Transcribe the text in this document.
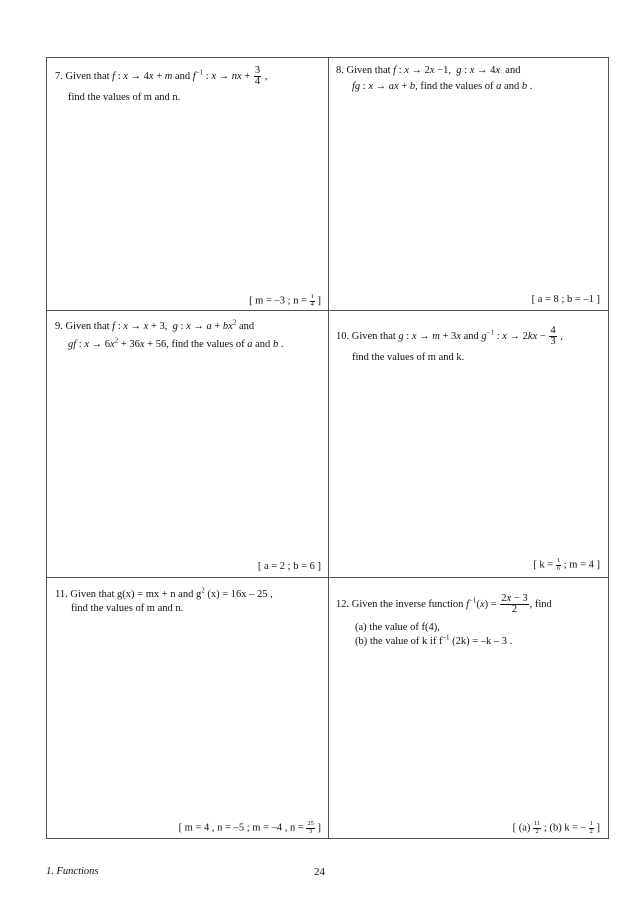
7. Given that f : x → 4x + m and $f^{-1}$ : x → nx + $\frac{3}{4}$ ,
find the values of m and n.
[ m = –3 ; $n = \frac{1}{4}$ ]
8. Given that f : x → 2x −1,  g : x → 4x  and
fg : x → ax + b, find the values of a and b .
[ a = 8 ; b = –1 ]
9. Given that f : x → x + 3,  g : $x \to a + bx^2$ and
gf : $x \to 6x^2 + 36x + 56$, find the values of a and b .
[ a = 2 ; b = 6 ]
10. Given that g : x → m + 3x and $g^{-1}$ : $x \to 2kx - \frac{4}{3}$ ,
find the values of m and k.
[ $k = \frac{1}{6}$ ; m = 4 ]
11. Given that g(x) = mx + n and $g^2$ (x) = 16x – 25 ,
find the values of m and n.
[ m = 4 , n = –5 ; m = –4 , $n = \frac{25}{3}$ ]
12. Given the inverse function $f^{-1}(x) = \frac{2x - 3}{2}$ , find
(a) the value of f(4),
(b) the value of k if $f^{-1}$ (2k) = –k – 3 .
[ $(a) \frac{11}{2}$ ; (b) k = – $\frac{1}{2}$ ]
1. Functions	24
